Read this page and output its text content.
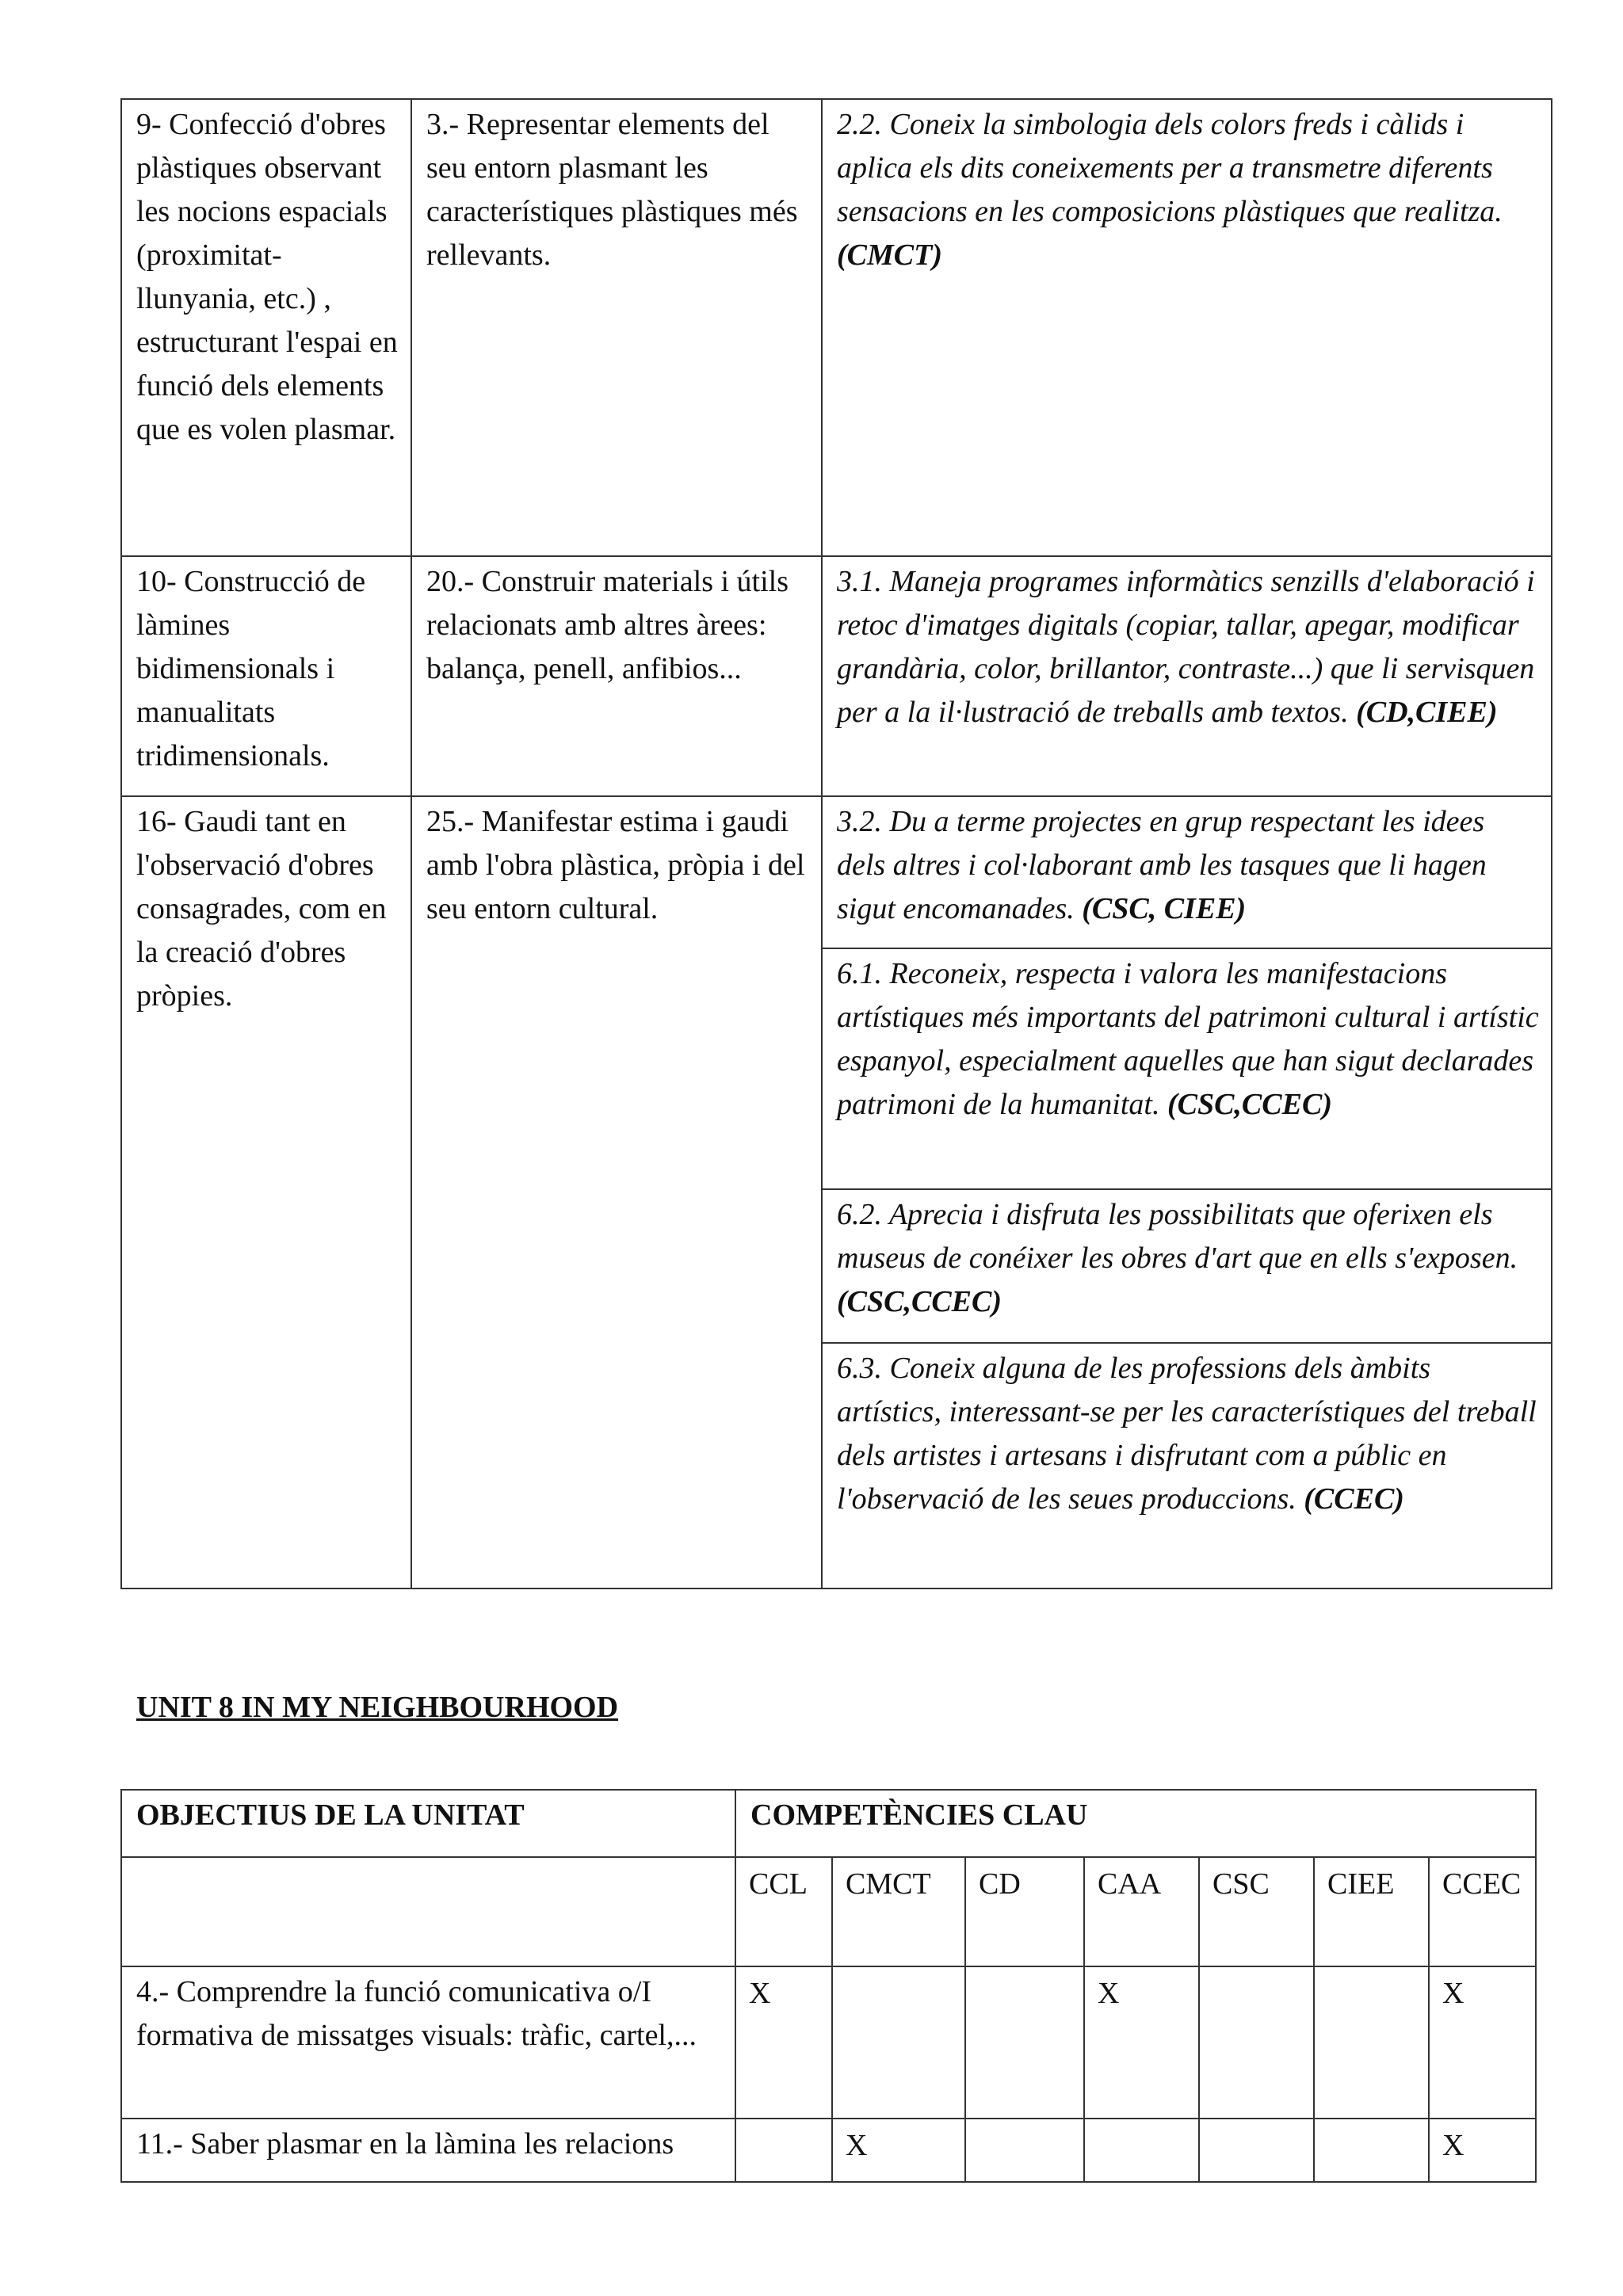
9- Confecció d'obres plàstiques observant les nocions espacials (proximitat-llunyania, etc.) , estructurant l'espai en funció dels elements que es volen plasmar.	3.- Representar elements del seu entorn plasmant les característiques plàstiques més rellevants.	2.2. Coneix la simbologia dels colors freds i càlids i aplica els dits coneixements per a transmetre diferents sensacions en les composicions plàstiques que realitza. (CMCT)
10- Construcció de làmines bidimensionals i manualitats tridimensionals.	20.- Construir materials i útils relacionats amb altres àrees: balança, penell, anfibios...	3.1. Maneja programes informàtics senzills d'elaboració i retoc d'imatges digitals (copiar, tallar, apegar, modificar grandària, color, brillantor, contraste...) que li servisquen per a la il·lustració de treballs amb textos. (CD,CIEE)
16- Gaudi tant en l'observació d'obres consagrades, com en la creació d'obres pròpies.	25.- Manifestar estima i gaudi amb l'obra plàstica, pròpia i del seu entorn cultural.	3.2. Du a terme projectes en grup respectant les idees dels altres i col·laborant amb les tasques que li hagen sigut encomanades. (CSC, CIEE)
6.1. Reconeix, respecta i valora les manifestacions artístiques més importants del patrimoni cultural i artístic espanyol, especialment aquelles que han sigut declarades patrimoni de la humanitat. (CSC,CCEC)
6.2. Aprecia i disfruta les possibilitats que oferixen els museus de conéixer les obres d'art que en ells s'exposen. (CSC,CCEC)
6.3. Coneix alguna de les professions dels àmbits artístics, interessant-se per les característiques del treball dels artistes i artesans i disfrutant com a públic en l'observació de les seues produccions. (CCEC)

UNIT 8 IN MY NEIGHBOURHOOD

OBJECTIUS DE LA UNITAT	COMPETÈNCIES CLAU						
	CCL	CMCT	CD	CAA	CSC	CIEE	CCEC
4.- Comprendre la funció comunicativa o/I formativa de missatges visuals: tràfic, cartel,...	X			X			X
11.- Saber plasmar en la làmina les relacions		X					X
